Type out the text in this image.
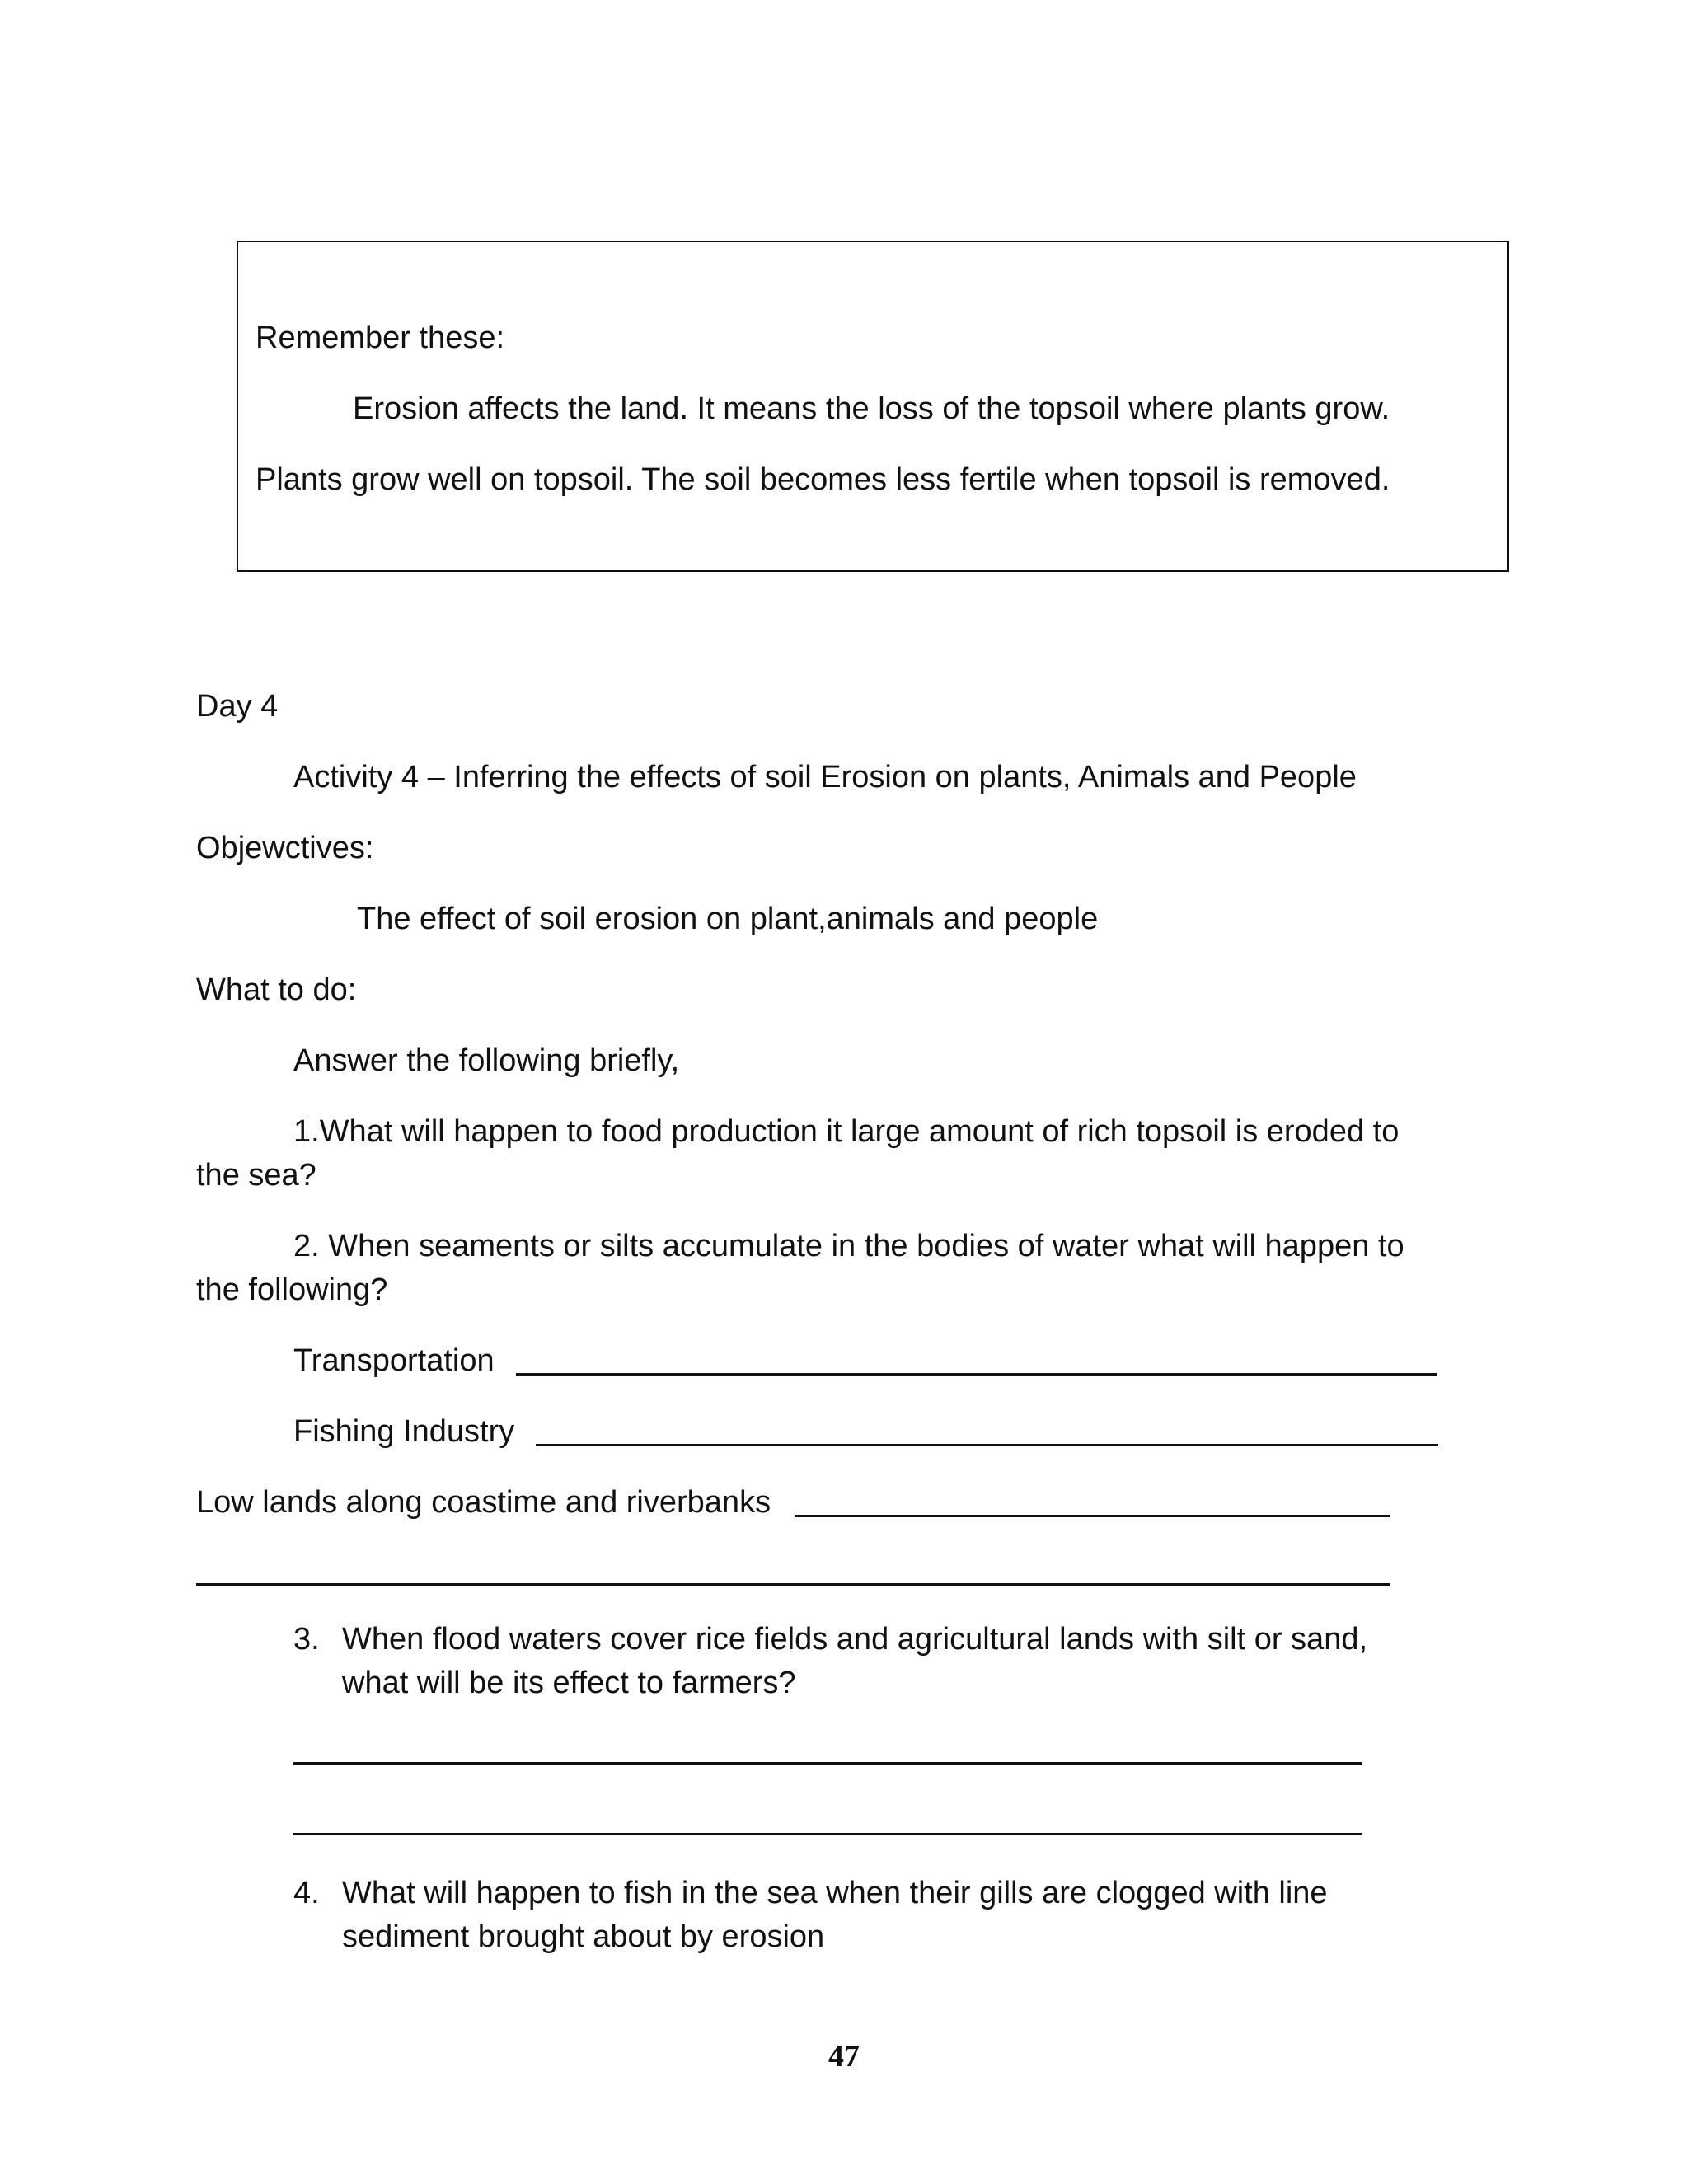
Remember these:
Erosion affects the land. It means the loss of the topsoil where plants grow.
Plants grow well on topsoil. The soil becomes less fertile when topsoil is removed.
Day 4
Activity 4 – Inferring the effects of soil Erosion on plants, Animals and People
Objewctives:
The effect of soil erosion on plant,animals and people
What to do:
Answer the following briefly,
1.What will happen to food production it large amount of rich topsoil is eroded to
the sea?
2. When seaments or silts accumulate in the bodies of water what will happen to
the following?
Transportation
Fishing Industry
Low lands along coastime and riverbanks
3. When flood waters cover rice fields and agricultural lands with silt or sand,
what will be its effect to farmers?
4. What will happen to fish in the sea when their gills are clogged with line
sediment brought about by erosion
47
